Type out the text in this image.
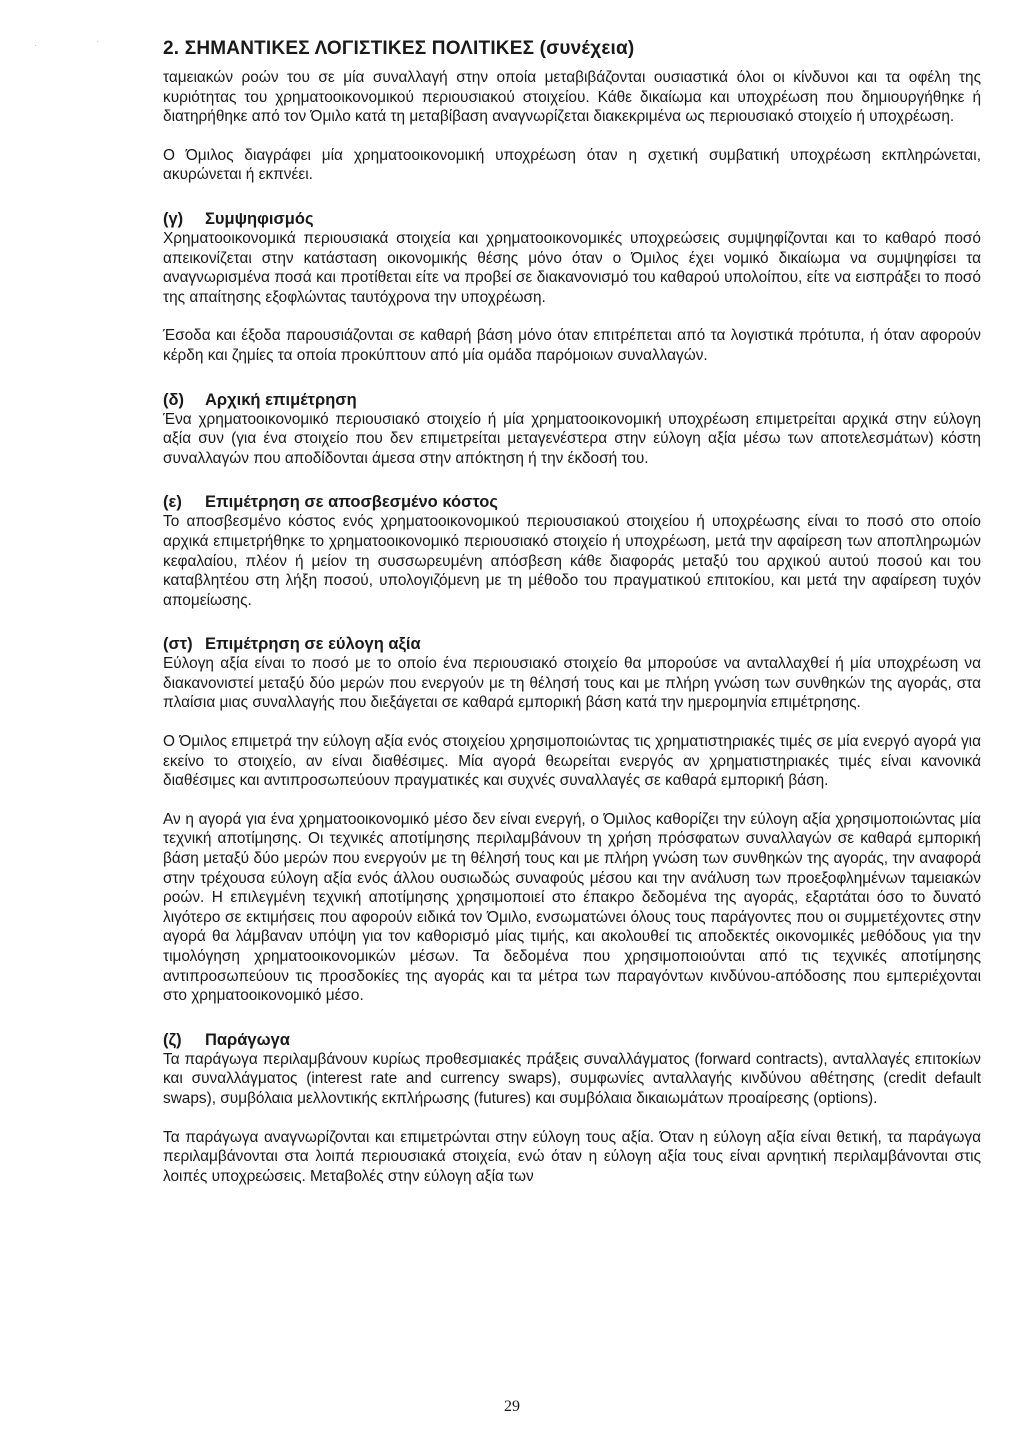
·	·	2. ΣΗΜΑΝΤΙΚΕΣ ΛΟΓΙΣΤΙΚΕΣ ΠΟΛΙΤΙΚΕΣ (συνέχεια)

ταμειακών ροών του σε μία συναλλαγή στην οποία μεταβιβάζονται ουσιαστικά όλοι οι κίνδυνοι και τα οφέλη της κυριότητας του χρηματοοικονομικού περιουσιακού στοιχείου. Κάθε δικαίωμα και υποχρέωση που δημιουργήθηκε ή διατηρήθηκε από τον Όμιλο κατά τη μεταβίβαση αναγνωρίζεται διακεκριμένα ως περιουσιακό στοιχείο ή υποχρέωση.

Ο Όμιλος διαγράφει μία χρηματοοικονομική υποχρέωση όταν η σχετική συμβατική υποχρέωση εκπληρώνεται, ακυρώνεται ή εκπνέει.

(γ) Συμψηφισμός

Χρηματοοικονομικά περιουσιακά στοιχεία και χρηματοοικονομικές υποχρεώσεις συμψηφίζονται και το καθαρό ποσό απεικονίζεται στην κατάσταση οικονομικής θέσης μόνο όταν ο Όμιλος έχει νομικό δικαίωμα να συμψηφίσει τα αναγνωρισμένα ποσά και προτίθεται είτε να προβεί σε διακανονισμό του καθαρού υπολοίπου, είτε να εισπράξει το ποσό της απαίτησης εξοφλώντας ταυτόχρονα την υποχρέωση.

Έσοδα και έξοδα παρουσιάζονται σε καθαρή βάση μόνο όταν επιτρέπεται από τα λογιστικά πρότυπα, ή όταν αφορούν κέρδη και ζημίες τα οποία προκύπτουν από μία ομάδα παρόμοιων συναλλαγών.

(δ) Αρχική επιμέτρηση

Ένα χρηματοοικονομικό περιουσιακό στοιχείο ή μία χρηματοοικονομική υποχρέωση επιμετρείται αρχικά στην εύλογη αξία συν (για ένα στοιχείο που δεν επιμετρείται μεταγενέστερα στην εύλογη αξία μέσω των αποτελεσμάτων) κόστη συναλλαγών που αποδίδονται άμεσα στην απόκτηση ή την έκδοσή του.

(ε) Επιμέτρηση σε αποσβεσμένο κόστος

Το αποσβεσμένο κόστος ενός χρηματοοικονομικού περιουσιακού στοιχείου ή υποχρέωσης είναι το ποσό στο οποίο αρχικά επιμετρήθηκε το χρηματοοικονομικό περιουσιακό στοιχείο ή υποχρέωση, μετά την αφαίρεση των αποπληρωμών κεφαλαίου, πλέον ή μείον τη συσσωρευμένη απόσβεση κάθε διαφοράς μεταξύ του αρχικού αυτού ποσού και του καταβλητέου στη λήξη ποσού, υπολογιζόμενη με τη μέθοδο του πραγματικού επιτοκίου, και μετά την αφαίρεση τυχόν απομείωσης.

(στ) Επιμέτρηση σε εύλογη αξία

Εύλογη αξία είναι το ποσό με το οποίο ένα περιουσιακό στοιχείο θα μπορούσε να ανταλλαχθεί ή μία υποχρέωση να διακανονιστεί μεταξύ δύο μερών που ενεργούν με τη θέλησή τους και με πλήρη γνώση των συνθηκών της αγοράς, στα πλαίσια μιας συναλλαγής που διεξάγεται σε καθαρά εμπορική βάση κατά την ημερομηνία επιμέτρησης.

Ο Όμιλος επιμετρά την εύλογη αξία ενός στοιχείου χρησιμοποιώντας τις χρηματιστηριακές τιμές σε μία ενεργό αγορά για εκείνο το στοιχείο, αν είναι διαθέσιμες. Μία αγορά θεωρείται ενεργός αν χρηματιστηριακές τιμές είναι κανονικά διαθέσιμες και αντιπροσωπεύουν πραγματικές και συχνές συναλλαγές σε καθαρά εμπορική βάση.

Αν η αγορά για ένα χρηματοοικονομικό μέσο δεν είναι ενεργή, ο Όμιλος καθορίζει την εύλογη αξία χρησιμοποιώντας μία τεχνική αποτίμησης. Οι τεχνικές αποτίμησης περιλαμβάνουν τη χρήση πρόσφατων συναλλαγών σε καθαρά εμπορική βάση μεταξύ δύο μερών που ενεργούν με τη θέλησή τους και με πλήρη γνώση των συνθηκών της αγοράς, την αναφορά στην τρέχουσα εύλογη αξία ενός άλλου ουσιωδώς συναφούς μέσου και την ανάλυση των προεξοφλημένων ταμειακών ροών. Η επιλεγμένη τεχνική αποτίμησης χρησιμοποιεί στο έπακρο δεδομένα της αγοράς, εξαρτάται όσο το δυνατό λιγότερο σε εκτιμήσεις που αφορούν ειδικά τον Όμιλο, ενσωματώνει όλους τους παράγοντες που οι συμμετέχοντες στην αγορά θα λάμβαναν υπόψη για τον καθορισμό μίας τιμής, και ακολουθεί τις αποδεκτές οικονομικές μεθόδους για την τιμολόγηση χρηματοοικονομικών μέσων. Τα δεδομένα που χρησιμοποιούνται από τις τεχνικές αποτίμησης αντιπροσωπεύουν τις προσδοκίες της αγοράς και τα μέτρα των παραγόντων κινδύνου-απόδοσης που εμπεριέχονται στο χρηματοοικονομικό μέσο.

(ζ) Παράγωγα

Τα παράγωγα περιλαμβάνουν κυρίως προθεσμιακές πράξεις συναλλάγματος (forward contracts), ανταλλαγές επιτοκίων και συναλλάγματος (interest rate and currency swaps), συμφωνίες ανταλλαγής κινδύνου αθέτησης (credit default swaps), συμβόλαια μελλοντικής εκπλήρωσης (futures) και συμβόλαια δικαιωμάτων προαίρεσης (options).

Τα παράγωγα αναγνωρίζονται και επιμετρώνται στην εύλογη τους αξία. Όταν η εύλογη αξία είναι θετική, τα παράγωγα περιλαμβάνονται στα λοιπά περιουσιακά στοιχεία, ενώ όταν η εύλογη αξία τους είναι αρνητική περιλαμβάνονται στις λοιπές υποχρεώσεις. Μεταβολές στην εύλογη αξία των

29
